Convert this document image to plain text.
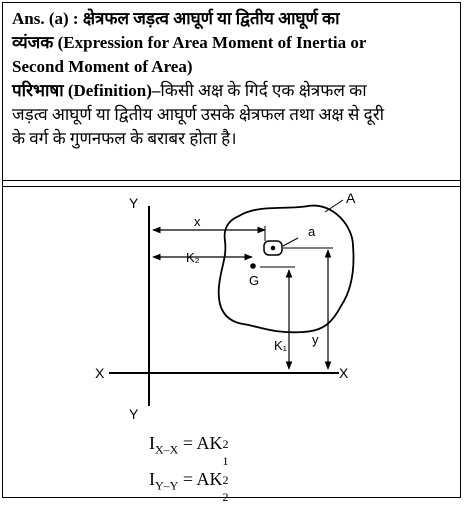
Ans. (a) : क्षेत्रफल जड़त्व आघूर्ण या द्वितीय आघूर्ण का
व्यंजक (Expression for Area Moment of Inertia or
Second Moment of Area)
परिभाषा (Definition)–किसी अक्ष के गिर्द एक क्षेत्रफल का
जड़त्व आघूर्ण या द्वितीय आघूर्ण उसके क्षेत्रफल तथा अक्ष से दूरी
के वर्ग के गुणनफल के बराबर होता है।
Y
Y
X	X
A
x
a
y
K₂
G
K₁
$I_{X-X}$ = AK 2
1
$I_{Y-Y}$ = AK 2
2
